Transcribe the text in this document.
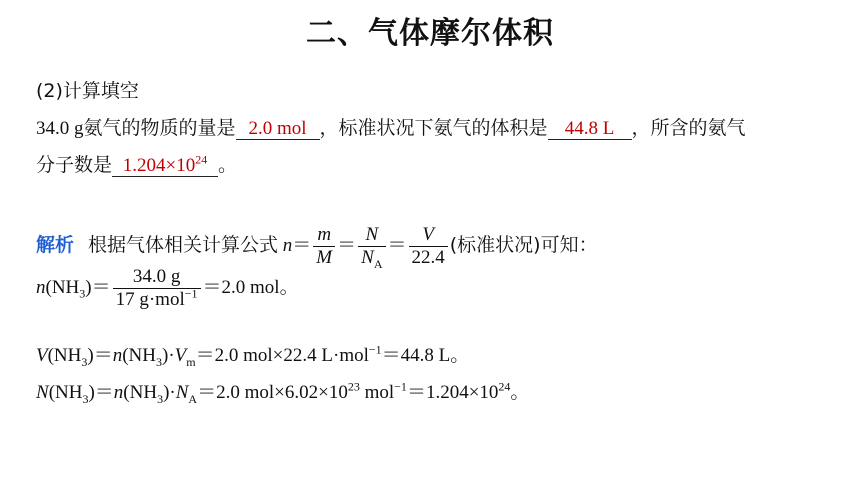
二、气体摩尔体积
(2)计算填空
34.0 g氨气的物质的量是 2.0 mol ，标准状况下氨气的体积是 44.8 L ，所含的氨气
分子数是 $1.204\times 10^{24}$ 。
解析 根据气体相关计算公式 $n= \frac{m}{M} = \frac{N}{N_A} = \frac{V}{22.4}$ (标准状况)可知：
$n(NH_3)= \frac{34.0 g}{17 g\cdot mol^{-1}} =2.0$ mol。
$V(NH_3)=n(NH_3)\cdot V_m=2.0$ mol×22.4 L·mol$^{-1}$＝44.8 L。
$N(NH_3)=n(NH_3)\cdot N_A=2.0$ $mol\times 6.02\times 10^{23}$ $mol^{-1}=1.204\times 10^{24}$。
